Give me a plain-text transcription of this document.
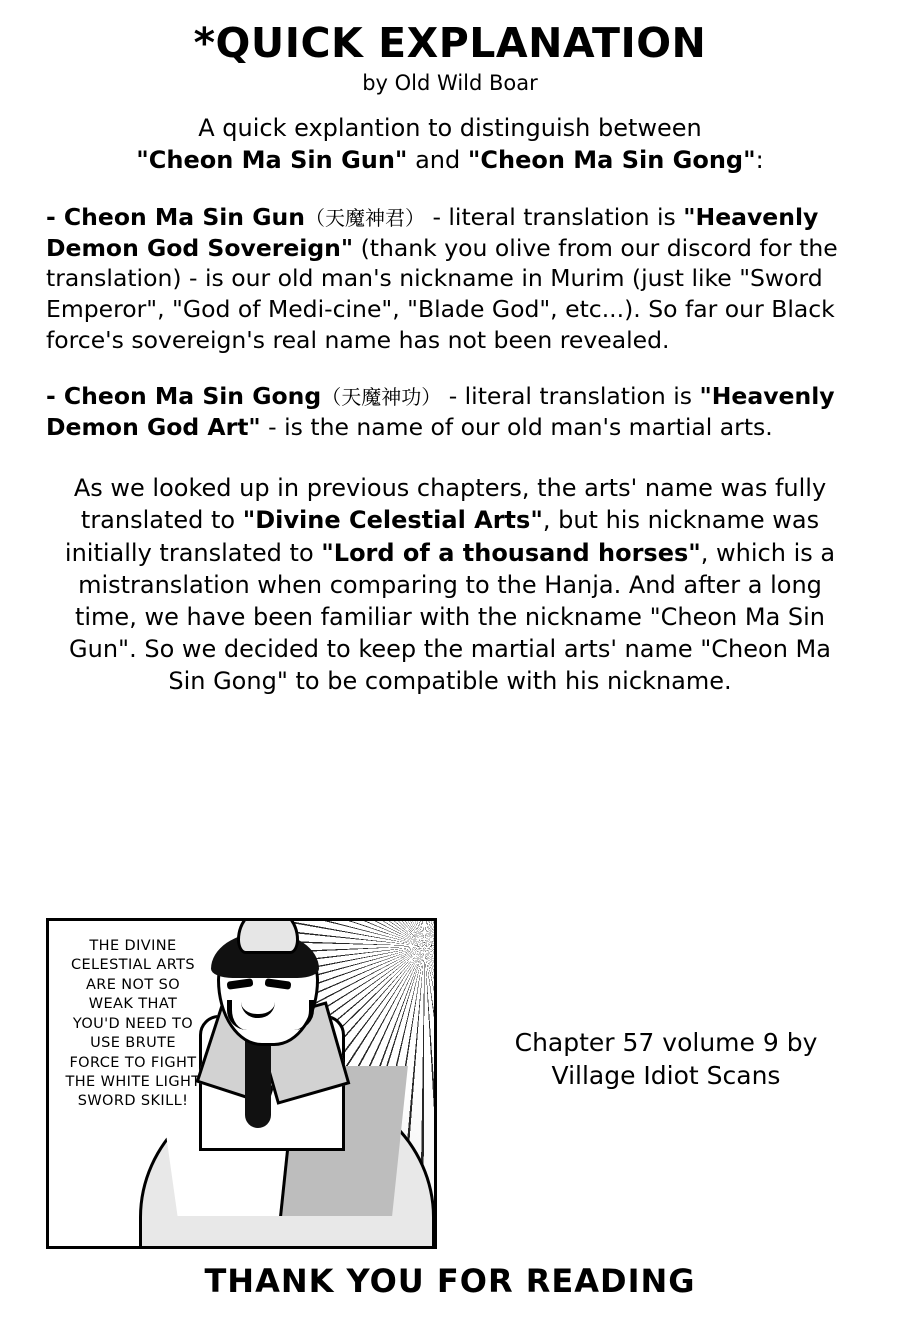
*QUICK EXPLANATION
by Old Wild Boar
A quick explantion to distinguish between
"Cheon Ma Sin Gun" and "Cheon Ma Sin Gong":
- Cheon Ma Sin Gun（天魔神君） - literal translation is "Heavenly Demon God Sovereign" (thank you olive from our discord for the translation) - is our old man's nickname in Murim (just like "Sword Emperor", "God of Medi-cine", "Blade God", etc...). So far our Black force's sovereign's real name has not been revealed.
- Cheon Ma Sin Gong（天魔神功） - literal translation is "Heavenly Demon God Art" - is the name of our old man's martial arts.
As we looked up in previous chapters, the arts' name was fully translated to "Divine Celestial Arts", but his nickname was initially translated to "Lord of a thousand horses", which is a mistranslation when comparing to the Hanja. And after a long time, we have been familiar with the nickname "Cheon Ma Sin Gun". So we decided to keep the martial arts' name "Cheon Ma Sin Gong" to be compatible with his nickname.
THE DIVINE CELESTIAL ARTS ARE NOT SO WEAK THAT YOU'D NEED TO USE BRUTE FORCE TO FIGHT THE WHITE LIGHT SWORD SKILL!
Chapter 57 volume 9 by
Village Idiot Scans
THANK YOU FOR READING
